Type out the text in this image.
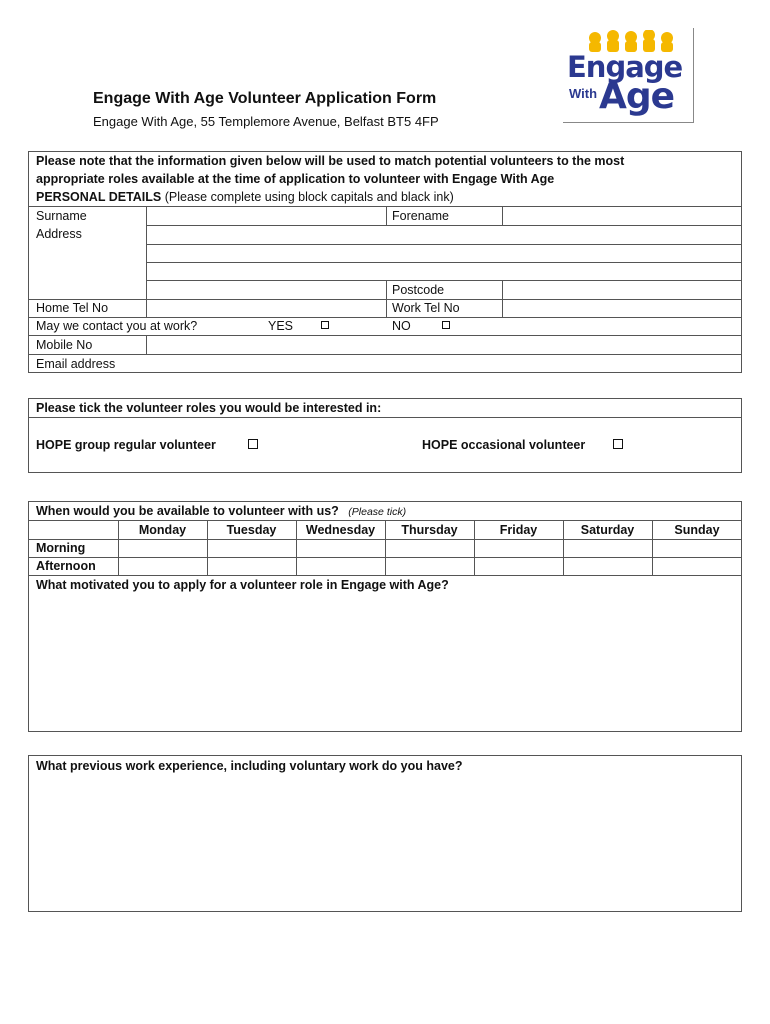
Engage With Age Volunteer Application Form
Engage With Age, 55 Templemore Avenue, Belfast BT5 4FP
Engage
With Age
Please note that the information given below will be used to match potential volunteers to the most
appropriate roles available at the time of application to volunteer with Engage With Age
PERSONAL DETAILS (Please complete using block capitals and black ink)
Surname	Forename
Address
Postcode
Home Tel No	Work Tel No
May we contact you at work?	YES	NO
Mobile No
Email address
Please tick the volunteer roles you would be interested in:
HOPE group regular volunteer	HOPE occasional volunteer
When would you be available to volunteer with us? (Please tick)
Monday	Tuesday	Wednesday	Thursday	Friday	Saturday	Sunday
Morning
Afternoon
What motivated you to apply for a volunteer role in Engage with Age?
What previous work experience, including voluntary work do you have?
